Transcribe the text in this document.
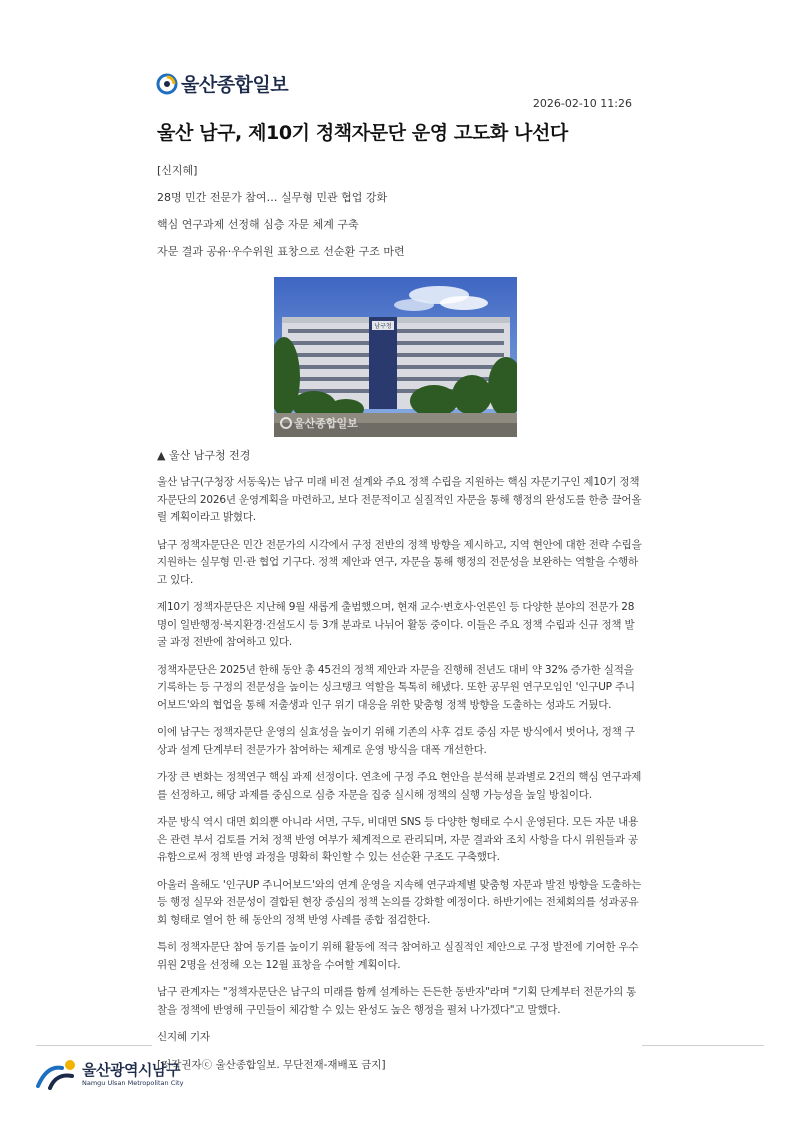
울산종합일보
2026-02-10 11:26
울산 남구, 제10기 정책자문단 운영 고도화 나선다
[신지혜]
28명 민간 전문가 참여… 실무형 민관 협업 강화
핵심 연구과제 선정해 심층 자문 체계 구축
자문 결과 공유·우수위원 표창으로 선순환 구조 마련
남구청
울산종합일보
▲ 울산 남구청 전경

울산 남구(구청장 서동욱)는 남구 미래 비전 설계와 주요 정책 수립을 지원하는 핵심 자문기구인 제10기 정책자문단의 2026년 운영계획을 마련하고, 보다 전문적이고 실질적인 자문을 통해 행정의 완성도를 한층 끌어올릴 계획이라고 밝혔다.

남구 정책자문단은 민간 전문가의 시각에서 구정 전반의 정책 방향을 제시하고, 지역 현안에 대한 전략 수립을 지원하는 실무형 민·관 협업 기구다. 정책 제안과 연구, 자문을 통해 행정의 전문성을 보완하는 역할을 수행하고 있다.

제10기 정책자문단은 지난해 9월 새롭게 출범했으며, 현재 교수·변호사·언론인 등 다양한 분야의 전문가 28명이 일반행정·복지환경·건설도시 등 3개 분과로 나뉘어 활동 중이다. 이들은 주요 정책 수립과 신규 정책 발굴 과정 전반에 참여하고 있다.

정책자문단은 2025년 한해 동안 총 45건의 정책 제안과 자문을 진행해 전년도 대비 약 32% 증가한 실적을 기록하는 등 구정의 전문성을 높이는 싱크탱크 역할을 톡톡히 해냈다. 또한 공무원 연구모임인 '인구UP 주니어보드'와의 협업을 통해 저출생과 인구 위기 대응을 위한 맞춤형 정책 방향을 도출하는 성과도 거뒀다.

이에 남구는 정책자문단 운영의 실효성을 높이기 위해 기존의 사후 검토 중심 자문 방식에서 벗어나, 정책 구상과 설계 단계부터 전문가가 참여하는 체계로 운영 방식을 대폭 개선한다.

가장 큰 변화는 정책연구 핵심 과제 선정이다. 연초에 구정 주요 현안을 분석해 분과별로 2건의 핵심 연구과제를 선정하고, 해당 과제를 중심으로 심층 자문을 집중 실시해 정책의 실행 가능성을 높일 방침이다.

자문 방식 역시 대면 회의뿐 아니라 서면, 구두, 비대면 SNS 등 다양한 형태로 수시 운영된다. 모든 자문 내용은 관련 부서 검토를 거쳐 정책 반영 여부가 체계적으로 관리되며, 자문 결과와 조치 사항을 다시 위원들과 공유함으로써 정책 반영 과정을 명확히 확인할 수 있는 선순환 구조도 구축했다.

아울러 올해도 '인구UP 주니어보드'와의 연계 운영을 지속해 연구과제별 맞춤형 자문과 발전 방향을 도출하는 등 행정 실무와 전문성이 결합된 현장 중심의 정책 논의를 강화할 예정이다. 하반기에는 전체회의를 성과공유회 형태로 열어 한 해 동안의 정책 반영 사례를 종합 점검한다.

특히 정책자문단 참여 동기를 높이기 위해 활동에 적극 참여하고 실질적인 제안으로 구정 발전에 기여한 우수 위원 2명을 선정해 오는 12월 표창을 수여할 계획이다.

남구 관계자는 "정책자문단은 남구의 미래를 함께 설계하는 든든한 동반자"라며 "기획 단계부터 전문가의 통찰을 정책에 반영해 구민들이 체감할 수 있는 완성도 높은 행정을 펼쳐 나가겠다"고 말했다.

신지혜 기자

[저작권자ⓒ 울산종합일보. 무단전재-재배포 금지]
울산광역시남구
Namgu Ulsan Metropolitan City
